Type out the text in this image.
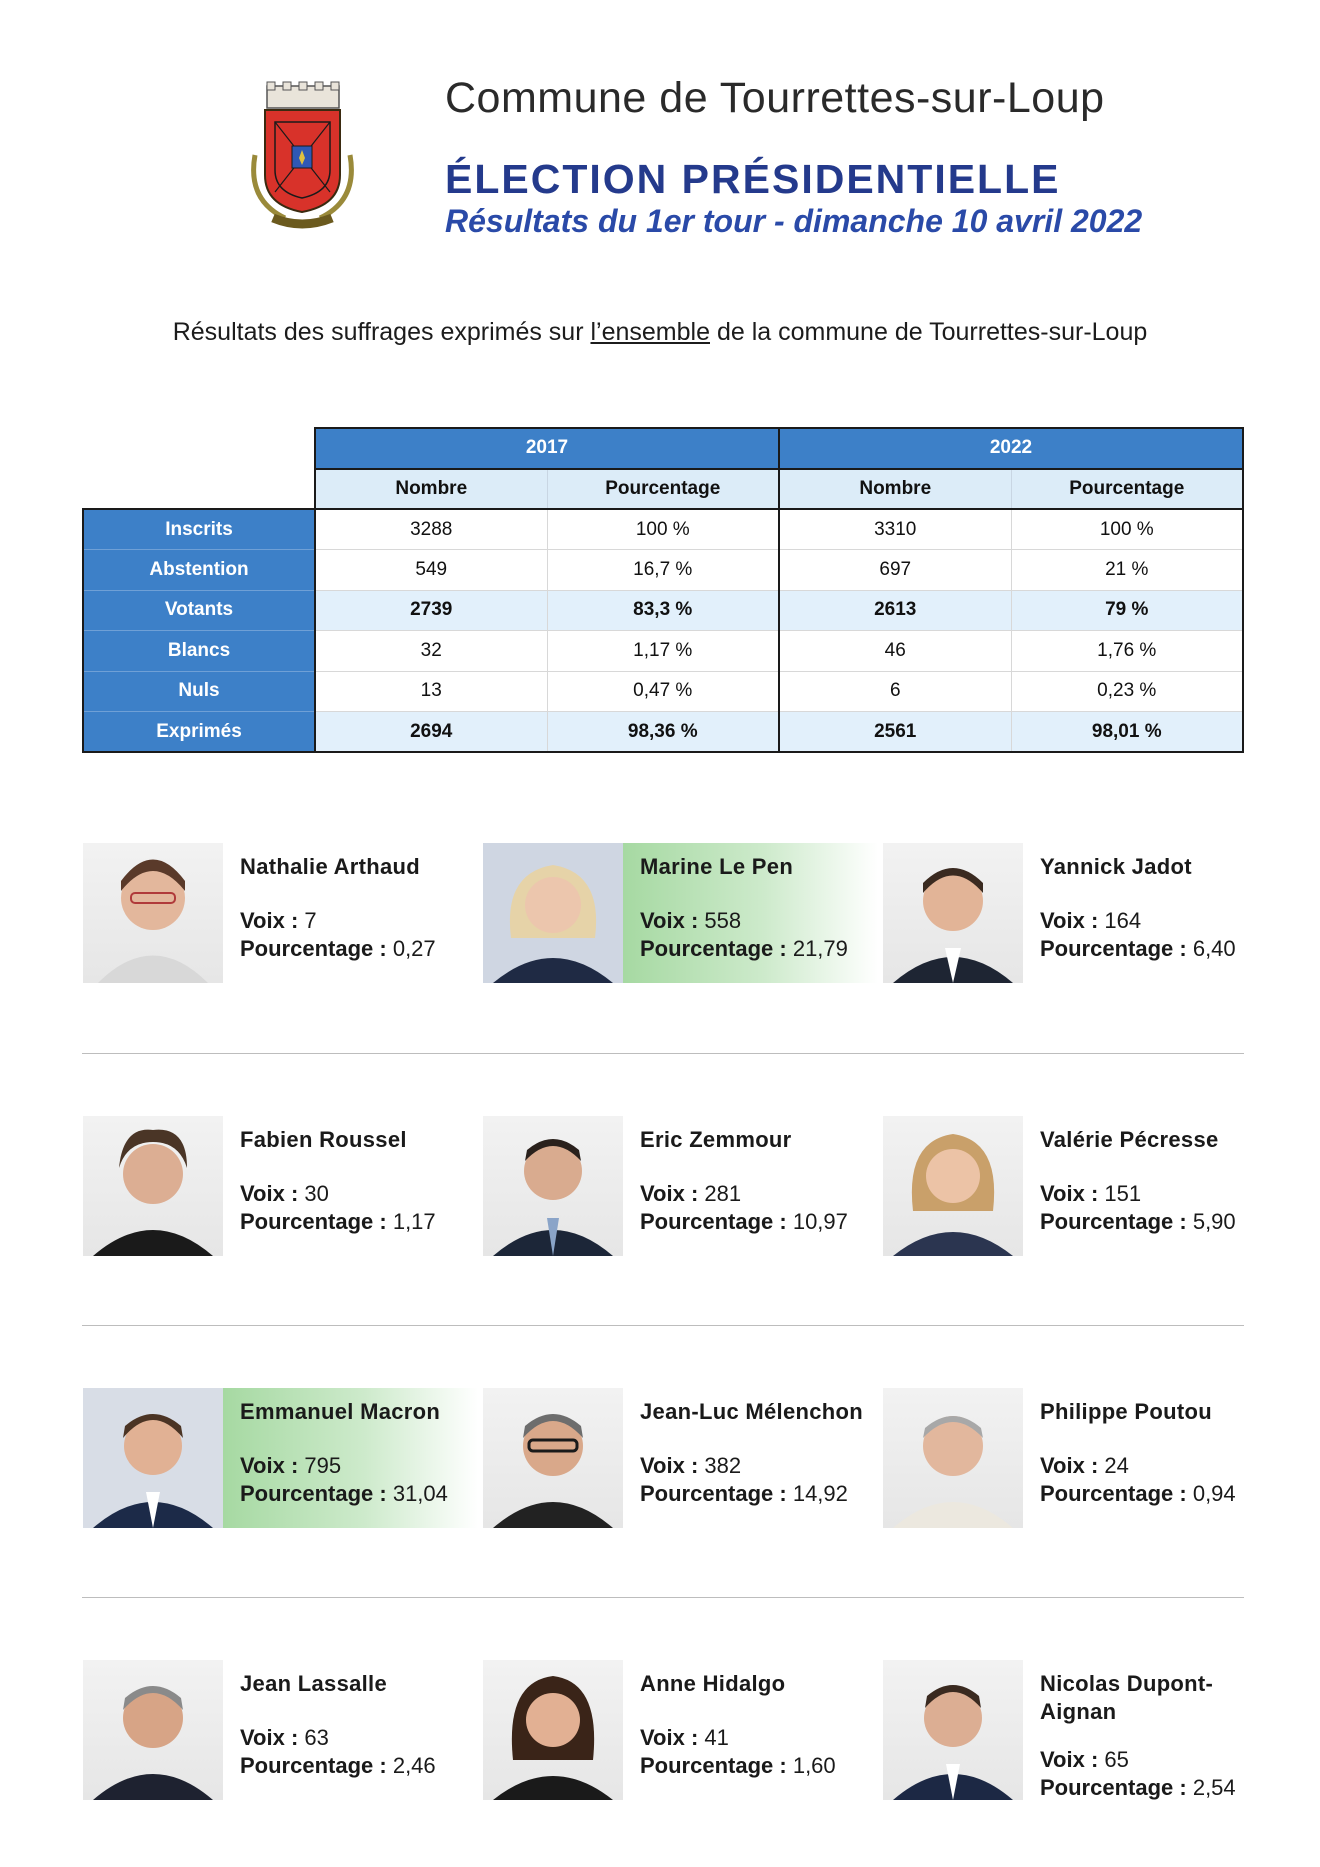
Commune de Tourrettes-sur-Loup
ÉLECTION PRÉSIDENTIELLE
Résultats du 1er tour - dimanche 10 avril 2022
Résultats des suffrages exprimés sur l’ensemble de la commune de Tourrettes-sur-Loup
	2017		2022	
	Nombre	Pourcentage	Nombre	Pourcentage
Inscrits	3288	100 %	3310	100 %
Abstention	549	16,7 %	697	21 %
Votants	2739	83,3 %	2613	79 %
Blancs	32	1,17 %	46	1,76 %
Nuls	13	0,47 %	6	0,23 %
Exprimés	2694	98,36 %	2561	98,01 %
Nathalie Arthaud
Voix : 7
Pourcentage : 0,27
Marine Le Pen
Voix : 558
Pourcentage : 21,79
Yannick Jadot
Voix : 164
Pourcentage : 6,40
Fabien Roussel
Voix : 30
Pourcentage : 1,17
Eric Zemmour
Voix : 281
Pourcentage : 10,97
Valérie Pécresse
Voix : 151
Pourcentage : 5,90
Emmanuel Macron
Voix : 795
Pourcentage : 31,04
Jean-Luc Mélenchon
Voix : 382
Pourcentage : 14,92
Philippe Poutou
Voix : 24
Pourcentage : 0,94
Jean Lassalle
Voix : 63
Pourcentage : 2,46
Anne Hidalgo
Voix : 41
Pourcentage : 1,60
Nicolas Dupont-Aignan
Voix : 65
Pourcentage : 2,54
